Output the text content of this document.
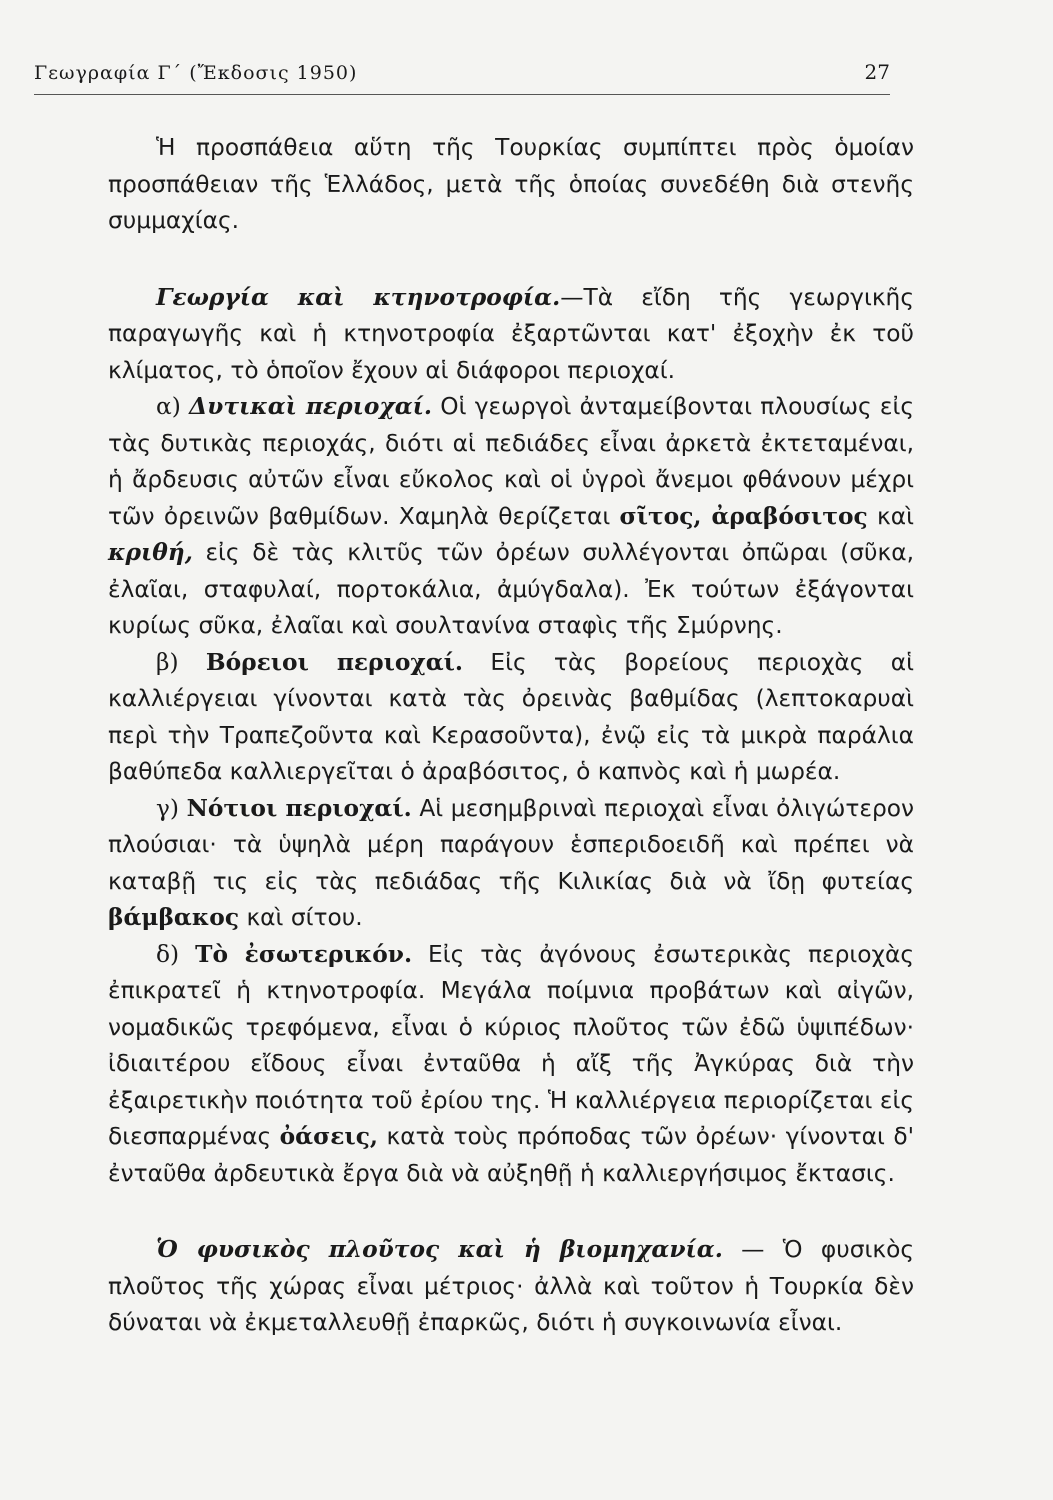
Γεωγραφία Γ΄ (Ἔκδοσις 1950)	27

Ἡ προσπάθεια αὕτη τῆς Τουρκίας συμπίπτει πρὸς ὁμοίαν προσπάθειαν τῆς Ἑλλάδος, μετὰ τῆς ὁποίας συνεδέθη διὰ στενῆς συμμαχίας.

Γεωργία καὶ κτηνοτροφία.—Τὰ εἴδη τῆς γεωργικῆς παραγωγῆς καὶ ἡ κτηνοτροφία ἐξαρτῶνται κατ' ἐξοχὴν ἐκ τοῦ κλίματος, τὸ ὁποῖον ἔχουν αἱ διάφοροι περιοχαί.

α) Δυτικαὶ περιοχαί. Οἱ γεωργοὶ ἀνταμείβονται πλουσίως εἰς τὰς δυτικὰς περιοχάς, διότι αἱ πεδιάδες εἶναι ἀρκετὰ ἐκτεταμέναι, ἡ ἄρδευσις αὐτῶν εἶναι εὔκολος καὶ οἱ ὑγροὶ ἄνεμοι φθάνουν μέχρι τῶν ὀρεινῶν βαθμίδων. Χαμηλὰ θερίζεται σῖτος, ἀραβόσιτος καὶ κριθή, εἰς δὲ τὰς κλιτῦς τῶν ὀρέων συλλέγονται ὀπῶραι (σῦκα, ἐλαῖαι, σταφυλαί, πορτοκάλια, ἀμύγδαλα). Ἐκ τούτων ἐξάγονται κυρίως σῦκα, ἐλαῖαι καὶ σουλτανίνα σταφὶς τῆς Σμύρνης.

β) Βόρειοι περιοχαί. Εἰς τὰς βορείους περιοχὰς αἱ καλλιέργειαι γίνονται κατὰ τὰς ὀρεινὰς βαθμίδας (λεπτοκαρυαὶ περὶ τὴν Τραπεζοῦντα καὶ Κερασοῦντα), ἐνῷ εἰς τὰ μικρὰ παράλια βαθύπεδα καλλιεργεῖται ὁ ἀραβόσιτος, ὁ καπνὸς καὶ ἡ μωρέα.

γ) Νότιοι περιοχαί. Αἱ μεσημβριναὶ περιοχαὶ εἶναι ὀλιγώτερον πλούσιαι· τὰ ὑψηλὰ μέρη παράγουν ἑσπεριδοειδῆ καὶ πρέπει νὰ καταβῇ τις εἰς τὰς πεδιάδας τῆς Κιλικίας διὰ νὰ ἴδῃ φυτείας βάμβακος καὶ σίτου.

δ) Τὸ ἐσωτερικόν. Εἰς τὰς ἀγόνους ἐσωτερικὰς περιοχὰς ἐπικρατεῖ ἡ κτηνοτροφία. Μεγάλα ποίμνια προβάτων καὶ αἰγῶν, νομαδικῶς τρεφόμενα, εἶναι ὁ κύριος πλοῦτος τῶν ἐδῶ ὑψιπέδων· ἰδιαιτέρου εἴδους εἶναι ἐνταῦθα ἡ αἴξ τῆς Ἀγκύρας διὰ τὴν ἐξαιρετικὴν ποιότητα τοῦ ἐρίου της. Ἡ καλλιέργεια περιορίζεται εἰς διεσπαρμένας ὀάσεις, κατὰ τοὺς πρόποδας τῶν ὀρέων· γίνονται δ' ἐνταῦθα ἀρδευτικὰ ἔργα διὰ νὰ αὐξηθῇ ἡ καλλιεργήσιμος ἔκτασις.

Ὁ φυσικὸς πλοῦτος καὶ ἡ βιομηχανία. — Ὁ φυσικὸς πλοῦτος τῆς χώρας εἶναι μέτριος· ἀλλὰ καὶ τοῦτον ἡ Τουρκία δὲν δύναται νὰ ἐκμεταλλευθῇ ἐπαρκῶς, διότι ἡ συγκοινωνία εἶναι.
